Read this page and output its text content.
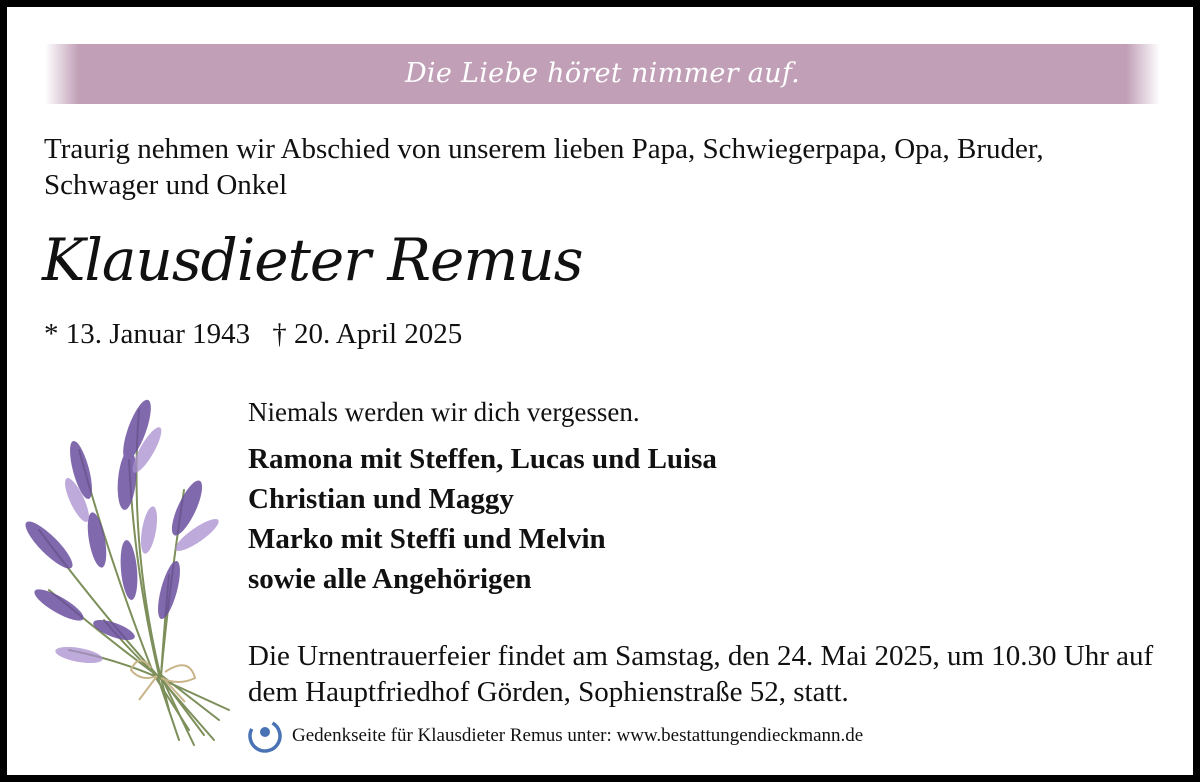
Die Liebe höret nimmer auf.
Traurig nehmen wir Abschied von unserem lieben Papa, Schwiegerpapa, Opa, Bruder, Schwager und Onkel
Klausdieter Remus
* 13. Januar 1943 † 20. April 2025
Niemals werden wir dich vergessen.
Ramona mit Steffen, Lucas und Luisa
Christian und Maggy
Marko mit Steffi und Melvin
sowie alle Angehörigen
Die Urnentrauerfeier findet am Samstag, den 24. Mai 2025, um 10.30 Uhr auf dem Hauptfriedhof Görden, Sophienstraße 52, statt.
Gedenkseite für Klausdieter Remus unter: www.bestattungendieckmann.de
